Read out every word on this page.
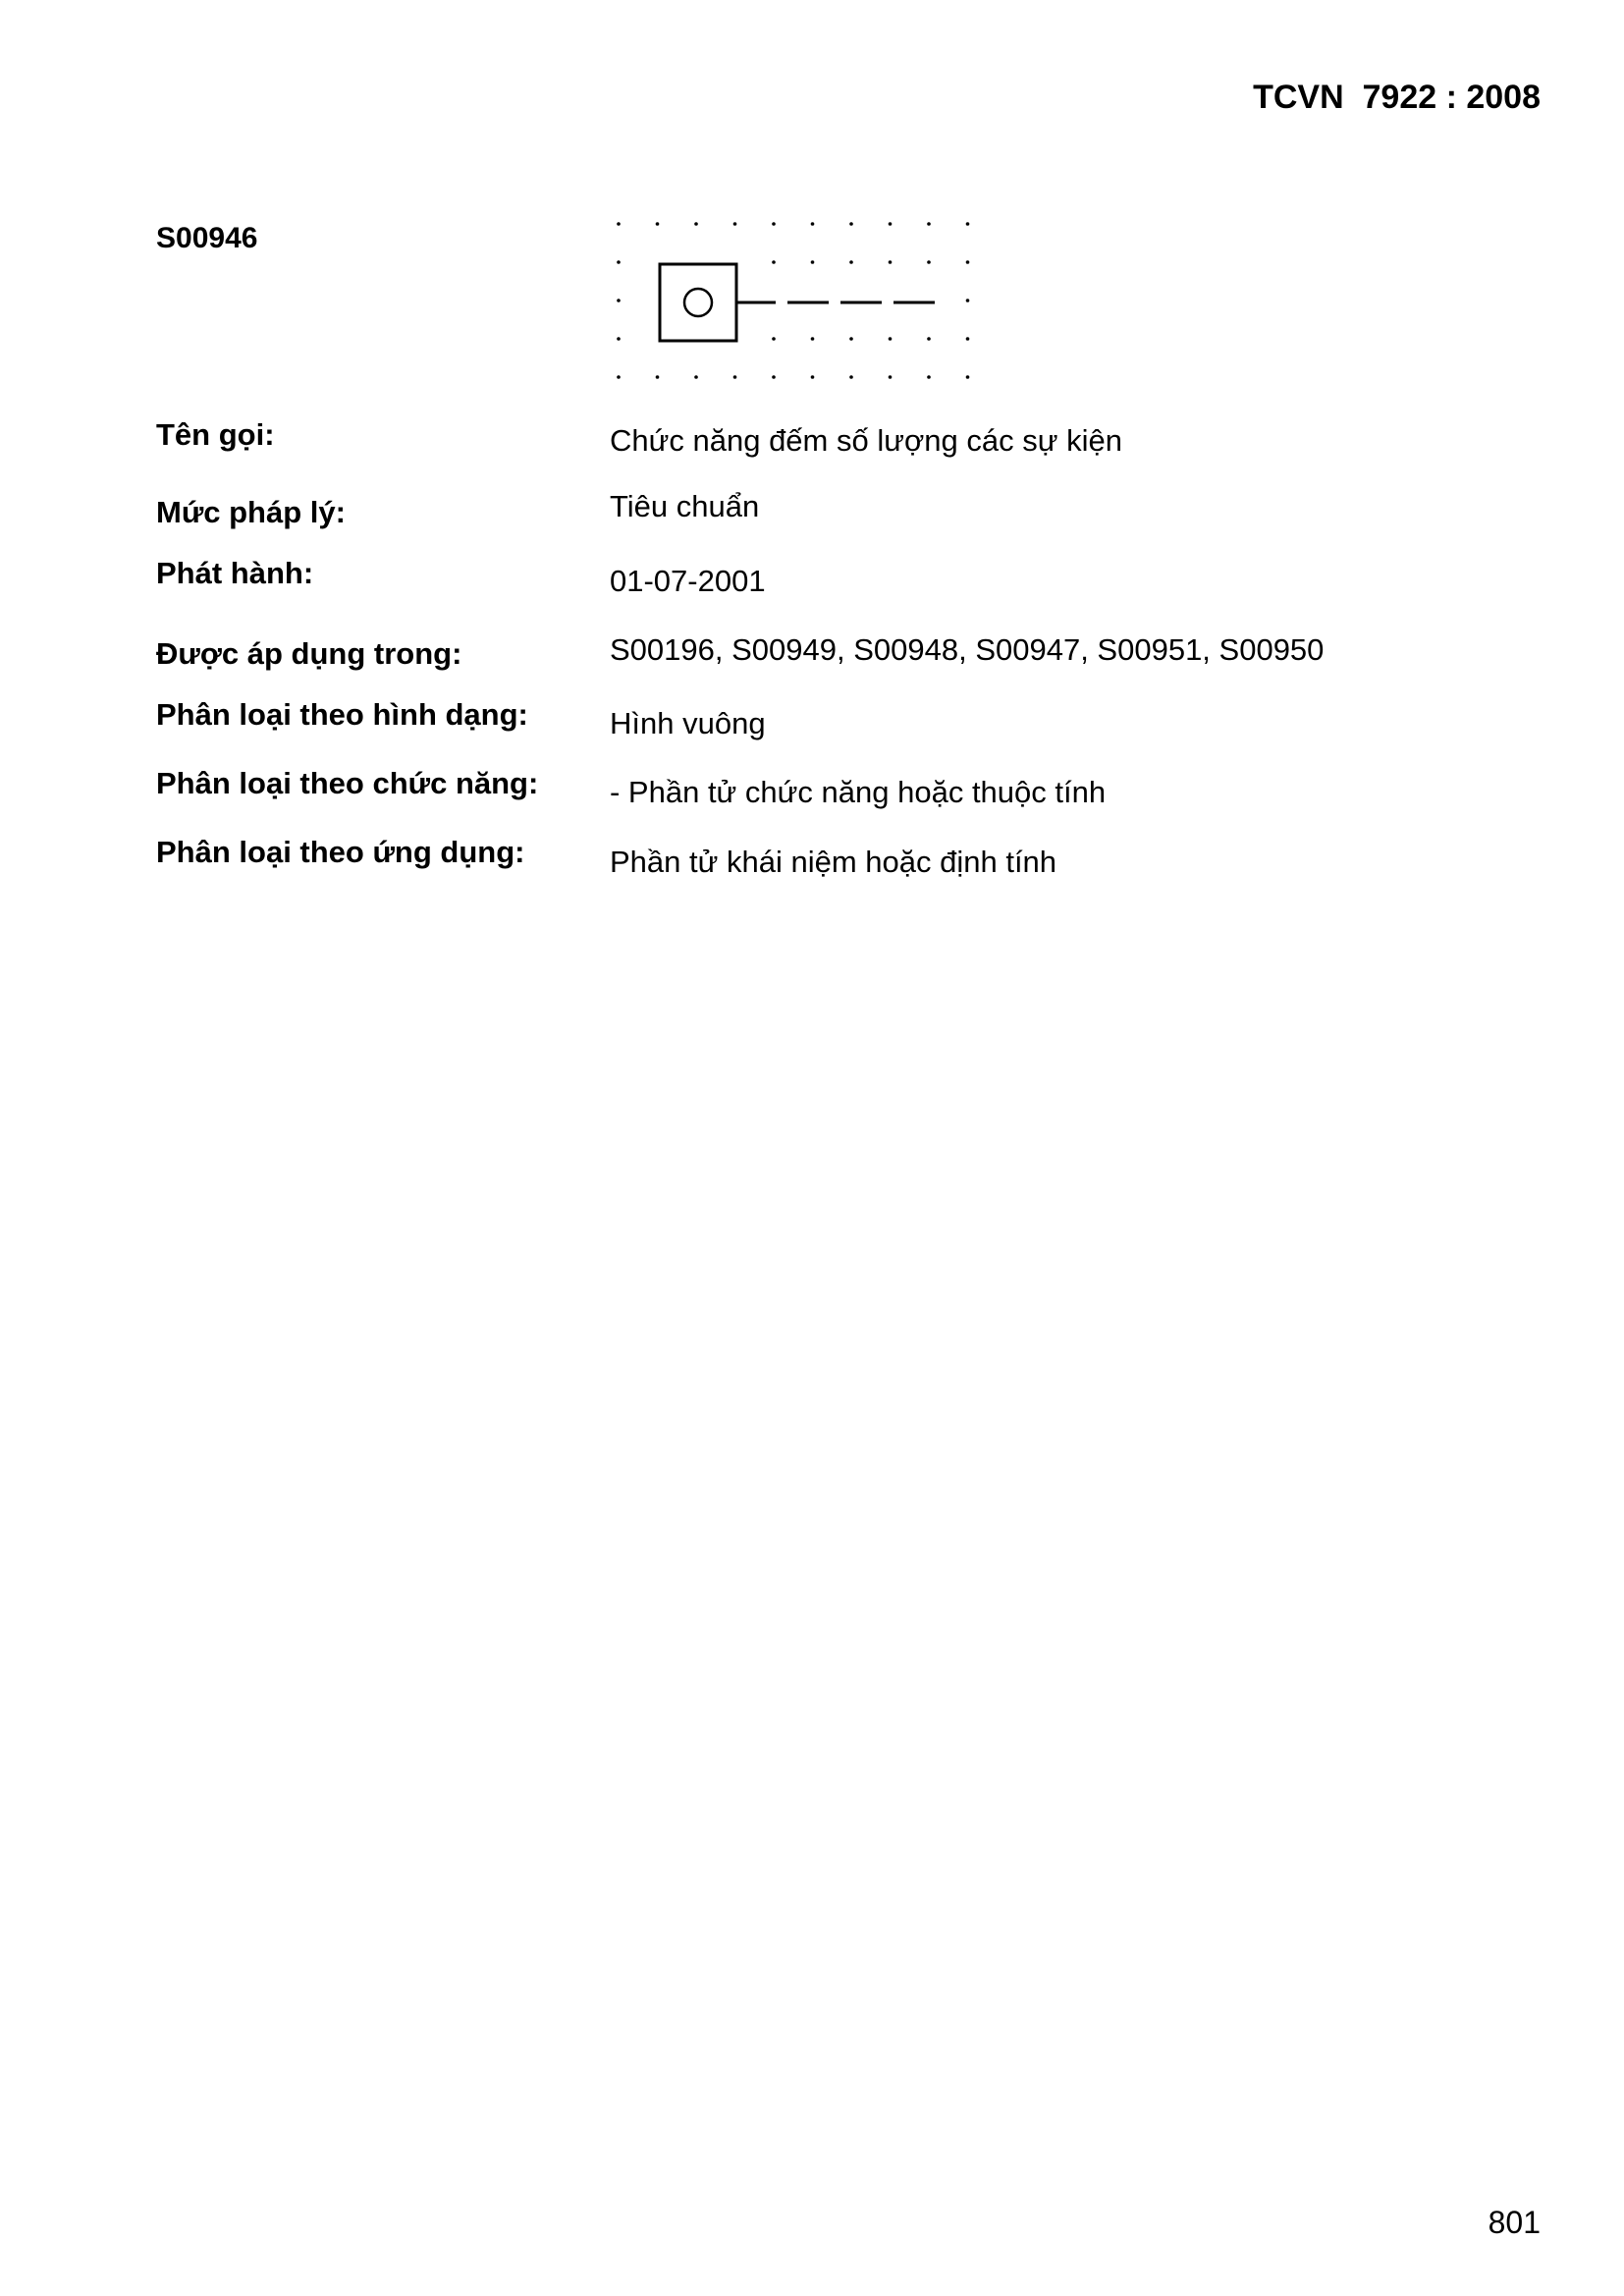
TCVN  7922 : 2008
S00946
Tên gọi:	Chức năng đếm số lượng các sự kiện
Mức pháp lý:	Tiêu chuẩn
Phát hành:	01-07-2001
Được áp dụng trong:	S00196, S00949, S00948, S00947, S00951, S00950
Phân loại theo hình dạng:	Hình vuông
Phân loại theo chức năng: - Phần tử chức năng hoặc thuộc tính
Phân loại theo ứng dụng:	Phần tử khái niệm hoặc định tính
801
